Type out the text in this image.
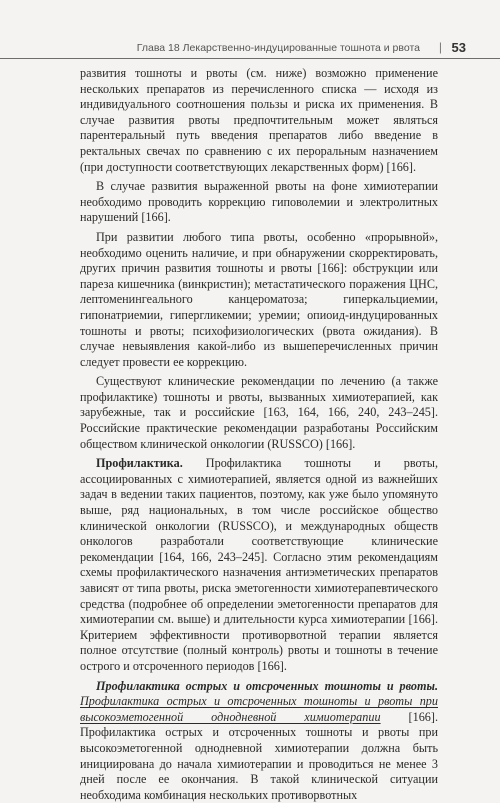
Глава 18 Лекарственно-индуцированные тошнота и рвота | 53

развития тошноты и рвоты (см. ниже) возможно применение нескольких препаратов из перечисленного списка — исходя из индивидуального соотношения пользы и риска их применения. В случае развития рвоты предпочтительным может являться парентеральный путь введения препаратов либо введение в ректальных свечах по сравнению с их пероральным назначением (при доступности соответствующих лекарственных форм) [166].

В случае развития выраженной рвоты на фоне химиотерапии необходимо проводить коррекцию гиповолемии и электролитных нарушений [166].

При развитии любого типа рвоты, особенно «прорывной», необходимо оценить наличие, и при обнаружении скорректировать, других причин развития тошноты и рвоты [166]: обструкции или пареза кишечника (винкристин); метастатического поражения ЦНС, лептоменингеального канцероматоза; гиперкальциемии, гипонатриемии, гипергликемии; уремии; опиоид-индуцированных тошноты и рвоты; психофизиологических (рвота ожидания). В случае невыявления какой-либо из вышеперечисленных причин следует провести ее коррекцию.

Существуют клинические рекомендации по лечению (а также профилактике) тошноты и рвоты, вызванных химиотерапией, как зарубежные, так и российские [163, 164, 166, 240, 243–245]. Российские практические рекомендации разработаны Российским обществом клинической онкологии (RUSSCO) [166].

Профилактика. Профилактика тошноты и рвоты, ассоциированных с химиотерапией, является одной из важнейших задач в ведении таких пациентов, поэтому, как уже было упомянуто выше, ряд национальных, в том числе российское общество клинической онкологии (RUSSCO), и международных обществ онкологов разработали соответствующие клинические рекомендации [164, 166, 243–245]. Согласно этим рекомендациям схемы профилактического назначения антиэметических препаратов зависят от типа рвоты, риска эметогенности химиотерапевтического средства (подробнее об определении эметогенности препаратов для химиотерапии см. выше) и длительности курса химиотерапии [166]. Критерием эффективности противорвотной терапии является полное отсутствие (полный контроль) рвоты и тошноты в течение острого и отсроченного периодов [166].

Профилактика острых и отсроченных тошноты и рвоты. Профилактика острых и отсроченных тошноты и рвоты при высокоэметогенной однодневной химиотерапии [166]. Профилактика острых и отсроченных тошноты и рвоты при высокоэметогенной однодневной химиотерапии должна быть инициирована до начала химиотерапии и проводиться не менее 3 дней после ее окончания. В такой клинической ситуации необходима комбинация нескольких противорвотных
